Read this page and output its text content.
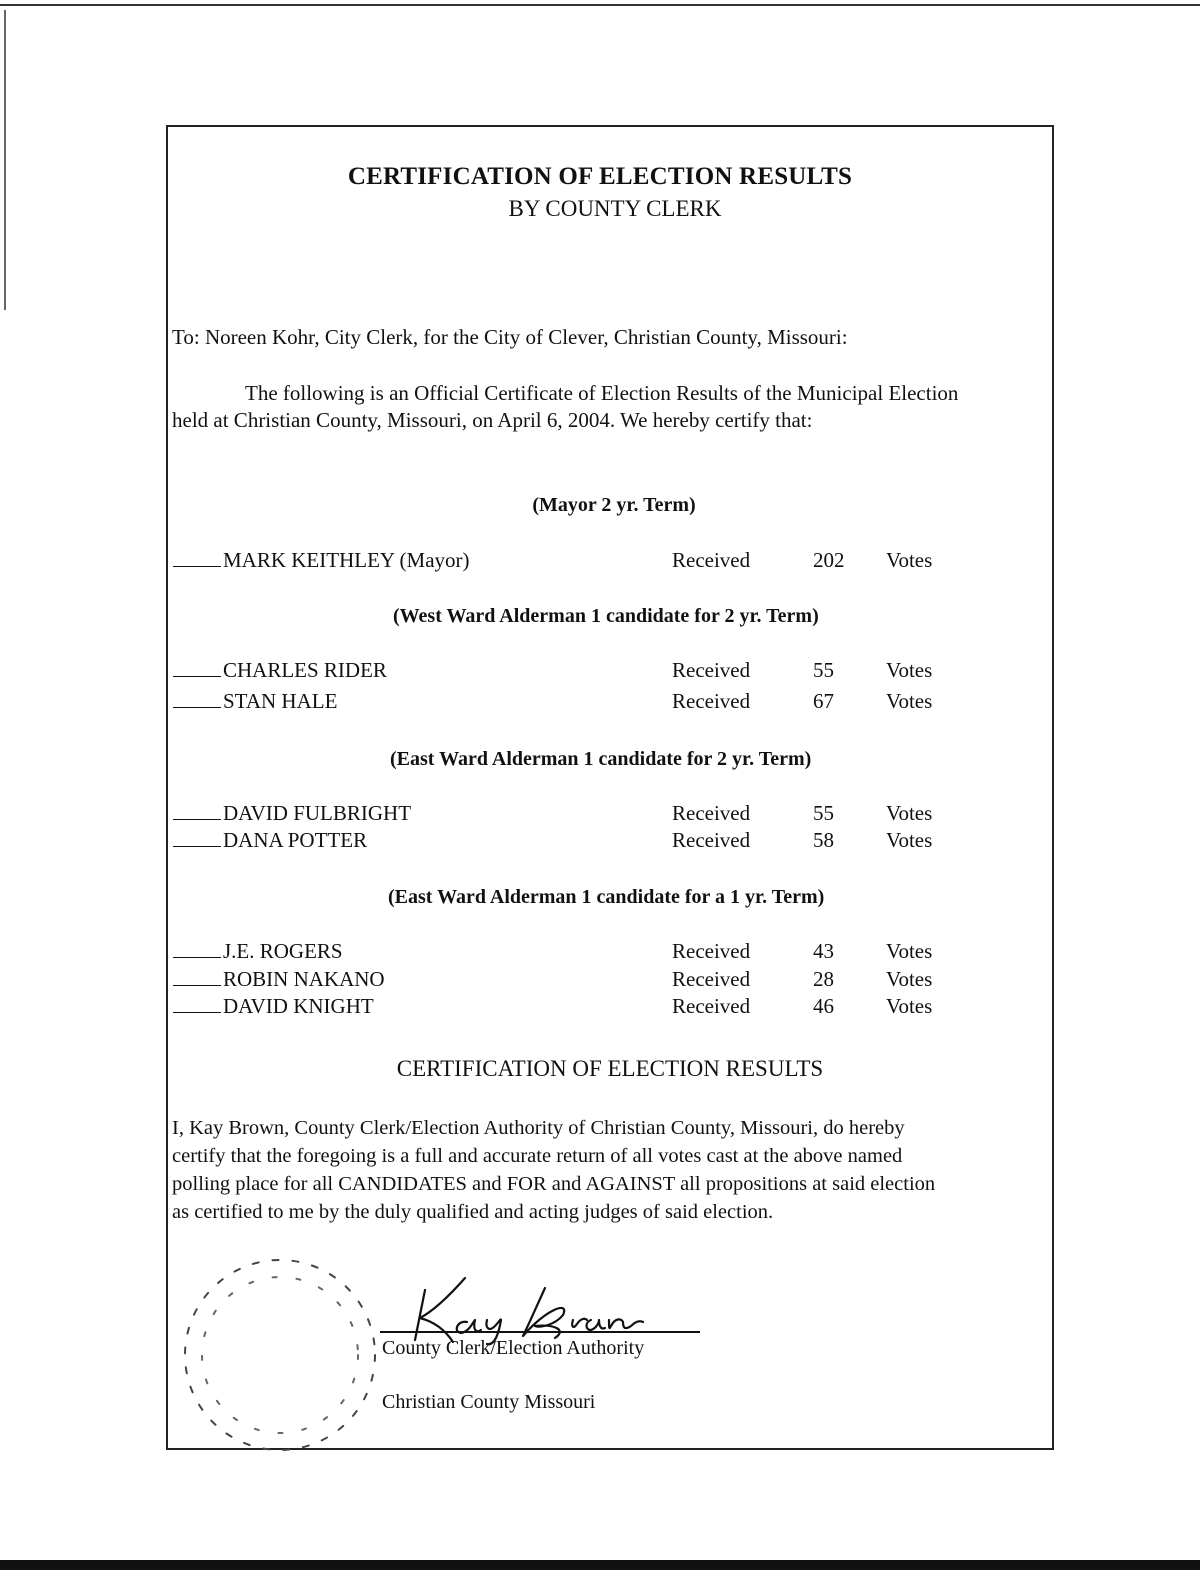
CERTIFICATION OF ELECTION RESULTS
BY COUNTY CLERK
To: Noreen Kohr, City Clerk, for the City of Clever, Christian County, Missouri:
The following is an Official Certificate of Election Results of the Municipal Election
held at Christian County, Missouri, on April 6, 2004. We hereby certify that:
(Mayor 2 yr. Term)
MARK KEITHLEY (Mayor)	Received	202 Votes
(West Ward Alderman 1 candidate for 2 yr. Term)
CHARLES RIDER	Received	55 Votes
STAN HALE	Received	67 Votes
(East Ward Alderman 1 candidate for 2 yr. Term)
DAVID FULBRIGHT	Received	55 Votes
DANA POTTER	Received	58 Votes
(East Ward Alderman 1 candidate for a 1 yr. Term)
J.E. ROGERS	Received	43 Votes
ROBIN NAKANO	Received	28 Votes
DAVID KNIGHT	Received	46 Votes
CERTIFICATION OF ELECTION RESULTS
I, Kay Brown, County Clerk/Election Authority of Christian County, Missouri, do hereby
certify that the foregoing is a full and accurate return of all votes cast at the above named
polling place for all CANDIDATES and FOR and AGAINST all propositions at said election
as certified to me by the duly qualified and acting judges of said election.
County Clerk/Election Authority
Christian County Missouri
